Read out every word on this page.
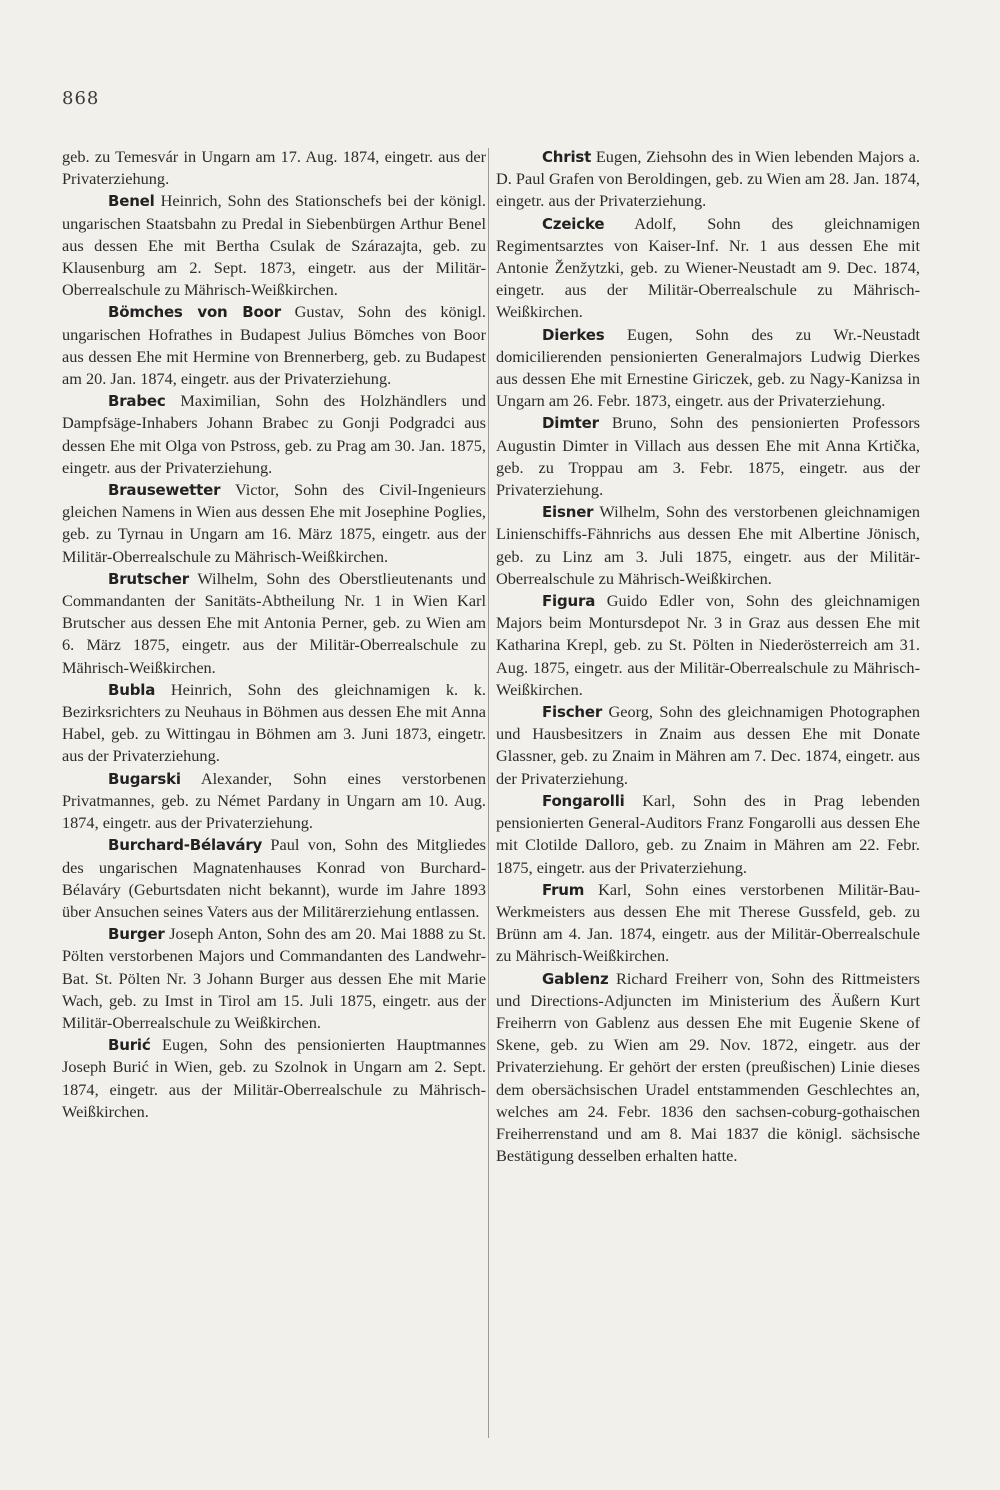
868

geb. zu Temesvár in Ungarn am 17. Aug. 1874, eingetr. aus der Privaterziehung.

Benel Heinrich, Sohn des Stationschefs bei der königl. ungarischen Staatsbahn zu Predal in Siebenbürgen Arthur Benel aus dessen Ehe mit Bertha Csulak de Szárazajta, geb. zu Klausenburg am 2. Sept. 1873, eingetr. aus der Militär-Oberrealschule zu Mährisch-Weißkirchen.

Bömches von Boor Gustav, Sohn des königl. ungarischen Hofrathes in Budapest Julius Bömches von Boor aus dessen Ehe mit Hermine von Brennerberg, geb. zu Budapest am 20. Jan. 1874, eingetr. aus der Privaterziehung.

Brabec Maximilian, Sohn des Holzhändlers und Dampfsäge-Inhabers Johann Brabec zu Gonji Podgradci aus dessen Ehe mit Olga von Pstross, geb. zu Prag am 30. Jan. 1875, eingetr. aus der Privaterziehung.

Brausewetter Victor, Sohn des Civil-Ingenieurs gleichen Namens in Wien aus dessen Ehe mit Josephine Poglies, geb. zu Tyrnau in Ungarn am 16. März 1875, eingetr. aus der Militär-Oberrealschule zu Mährisch-Weißkirchen.

Brutscher Wilhelm, Sohn des Oberstlieutenants und Commandanten der Sanitäts-Abtheilung Nr. 1 in Wien Karl Brutscher aus dessen Ehe mit Antonia Perner, geb. zu Wien am 6. März 1875, eingetr. aus der Militär-Oberrealschule zu Mährisch-Weißkirchen.

Bubla Heinrich, Sohn des gleichnamigen k. k. Bezirksrichters zu Neuhaus in Böhmen aus dessen Ehe mit Anna Habel, geb. zu Wittingau in Böhmen am 3. Juni 1873, eingetr. aus der Privaterziehung.

Bugarski Alexander, Sohn eines verstorbenen Privatmannes, geb. zu Német Pardany in Ungarn am 10. Aug. 1874, eingetr. aus der Privaterziehung.

Burchard-Bélaváry Paul von, Sohn des Mitgliedes des ungarischen Magnatenhauses Konrad von Burchard-Bélaváry (Geburtsdaten nicht bekannt), wurde im Jahre 1893 über Ansuchen seines Vaters aus der Militärerziehung entlassen.

Burger Joseph Anton, Sohn des am 20. Mai 1888 zu St. Pölten verstorbenen Majors und Commandanten des Landwehr-Bat. St. Pölten Nr. 3 Johann Burger aus dessen Ehe mit Marie Wach, geb. zu Imst in Tirol am 15. Juli 1875, eingetr. aus der Militär-Oberrealschule zu Weißkirchen.

Burić Eugen, Sohn des pensionierten Hauptmannes Joseph Burić in Wien, geb. zu Szolnok in Ungarn am 2. Sept. 1874, eingetr. aus der Militär-Oberrealschule zu Mährisch-Weißkirchen.

Christ Eugen, Ziehsohn des in Wien lebenden Majors a. D. Paul Grafen von Beroldingen, geb. zu Wien am 28. Jan. 1874, eingetr. aus der Privaterziehung.

Czeicke Adolf, Sohn des gleichnamigen Regimentsarztes von Kaiser-Inf. Nr. 1 aus dessen Ehe mit Antonie Ženžytzki, geb. zu Wiener-Neustadt am 9. Dec. 1874, eingetr. aus der Militär-Oberrealschule zu Mährisch-Weißkirchen.

Dierkes Eugen, Sohn des zu Wr.-Neustadt domicilierenden pensionierten Generalmajors Ludwig Dierkes aus dessen Ehe mit Ernestine Giriczek, geb. zu Nagy-Kanizsa in Ungarn am 26. Febr. 1873, eingetr. aus der Privaterziehung.

Dimter Bruno, Sohn des pensionierten Professors Augustin Dimter in Villach aus dessen Ehe mit Anna Krtička, geb. zu Troppau am 3. Febr. 1875, eingetr. aus der Privaterziehung.

Eisner Wilhelm, Sohn des verstorbenen gleichnamigen Linienschiffs-Fähnrichs aus dessen Ehe mit Albertine Jönisch, geb. zu Linz am 3. Juli 1875, eingetr. aus der Militär-Oberrealschule zu Mährisch-Weißkirchen.

Figura Guido Edler von, Sohn des gleichnamigen Majors beim Montursdepot Nr. 3 in Graz aus dessen Ehe mit Katharina Krepl, geb. zu St. Pölten in Niederösterreich am 31. Aug. 1875, eingetr. aus der Militär-Oberrealschule zu Mährisch-Weißkirchen.

Fischer Georg, Sohn des gleichnamigen Photographen und Hausbesitzers in Znaim aus dessen Ehe mit Donate Glassner, geb. zu Znaim in Mähren am 7. Dec. 1874, eingetr. aus der Privaterziehung.

Fongarolli Karl, Sohn des in Prag lebenden pensionierten General-Auditors Franz Fongarolli aus dessen Ehe mit Clotilde Dalloro, geb. zu Znaim in Mähren am 22. Febr. 1875, eingetr. aus der Privaterziehung.

Frum Karl, Sohn eines verstorbenen Militär-Bau-Werkmeisters aus dessen Ehe mit Therese Gussfeld, geb. zu Brünn am 4. Jan. 1874, eingetr. aus der Militär-Oberrealschule zu Mährisch-Weißkirchen.

Gablenz Richard Freiherr von, Sohn des Rittmeisters und Directions-Adjuncten im Ministerium des Äußern Kurt Freiherrn von Gablenz aus dessen Ehe mit Eugenie Skene of Skene, geb. zu Wien am 29. Nov. 1872, eingetr. aus der Privaterziehung. Er gehört der ersten (preußischen) Linie dieses dem obersächsischen Uradel entstammenden Geschlechtes an, welches am 24. Febr. 1836 den sachsen-coburg-gothaischen Freiherrenstand und am 8. Mai 1837 die königl. sächsische Bestätigung desselben erhalten hatte.
